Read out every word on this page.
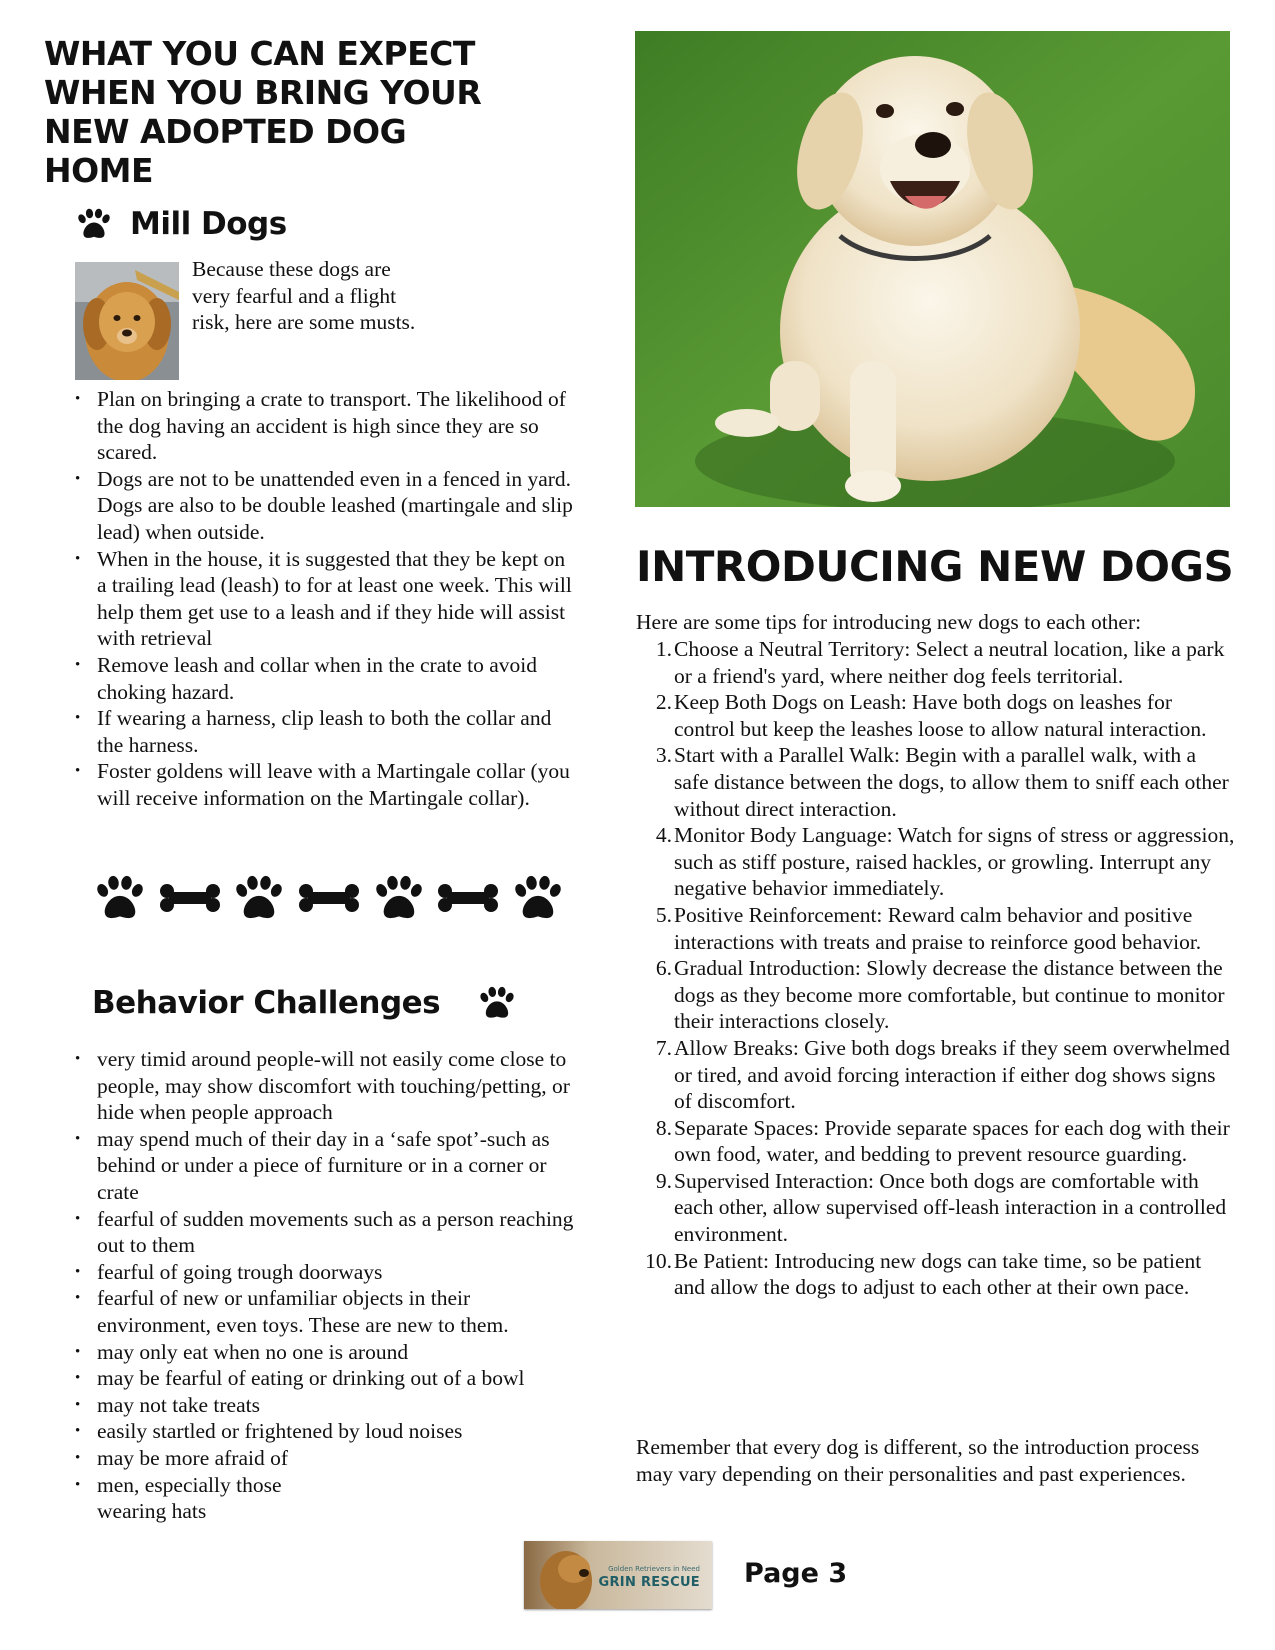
WHAT YOU CAN EXPECT WHEN YOU BRING YOUR NEW ADOPTED DOG HOME
Mill Dogs
Because these dogs are very fearful and a flight risk, here are some musts.
• Plan on bringing a crate to transport. The likelihood of the dog having an accident is high since they are so scared.
• Dogs are not to be unattended even in a fenced in yard. Dogs are also to be double leashed (martingale and slip lead) when outside.
• When in the house, it is suggested that they be kept on a trailing lead (leash) to for at least one week. This will help them get use to a leash and if they hide will assist with retrieval
• Remove leash and collar when in the crate to avoid choking hazard.
• If wearing a harness, clip leash to both the collar and the harness.
• Foster goldens will leave with a Martingale collar (you will receive information on the Martingale collar).
Behavior Challenges
• very timid around people-will not easily come close to people, may show discomfort with touching/petting, or hide when people approach
• may spend much of their day in a ‘safe spot’-such as behind or under a piece of furniture or in a corner or crate
• fearful of sudden movements such as a person reaching out to them
• fearful of going trough doorways
• fearful of new or unfamiliar objects in their environment, even toys. These are new to them.
• may only eat when no one is around
• may be fearful of eating or drinking out of a bowl
• may not take treats
• easily startled or frightened by loud noises
• may be more afraid of
• men, especially those wearing hats
INTRODUCING NEW DOGS

Here are some tips for introducing new dogs to each other:

1. Choose a Neutral Territory: Select a neutral location, like a park or a friend's yard, where neither dog feels territorial.
2. Keep Both Dogs on Leash: Have both dogs on leashes for control but keep the leashes loose to allow natural interaction.
3. Start with a Parallel Walk: Begin with a parallel walk, with a safe distance between the dogs, to allow them to sniff each other without direct interaction.
4. Monitor Body Language: Watch for signs of stress or aggression, such as stiff posture, raised hackles, or growling. Interrupt any negative behavior immediately.
5. Positive Reinforcement: Reward calm behavior and positive interactions with treats and praise to reinforce good behavior.
6. Gradual Introduction: Slowly decrease the distance between the dogs as they become more comfortable, but continue to monitor their interactions closely.
7. Allow Breaks: Give both dogs breaks if they seem overwhelmed or tired, and avoid forcing interaction if either dog shows signs of discomfort.
8. Separate Spaces: Provide separate spaces for each dog with their own food, water, and bedding to prevent resource guarding.
9. Supervised Interaction: Once both dogs are comfortable with each other, allow supervised off-leash interaction in a controlled environment.
10. Be Patient: Introducing new dogs can take time, so be patient and allow the dogs to adjust to each other at their own pace.

Remember that every dog is different, so the introduction process may vary depending on their personalities and past experiences.

Golden Retrievers in Need
GRIN RESCUE Page 3
